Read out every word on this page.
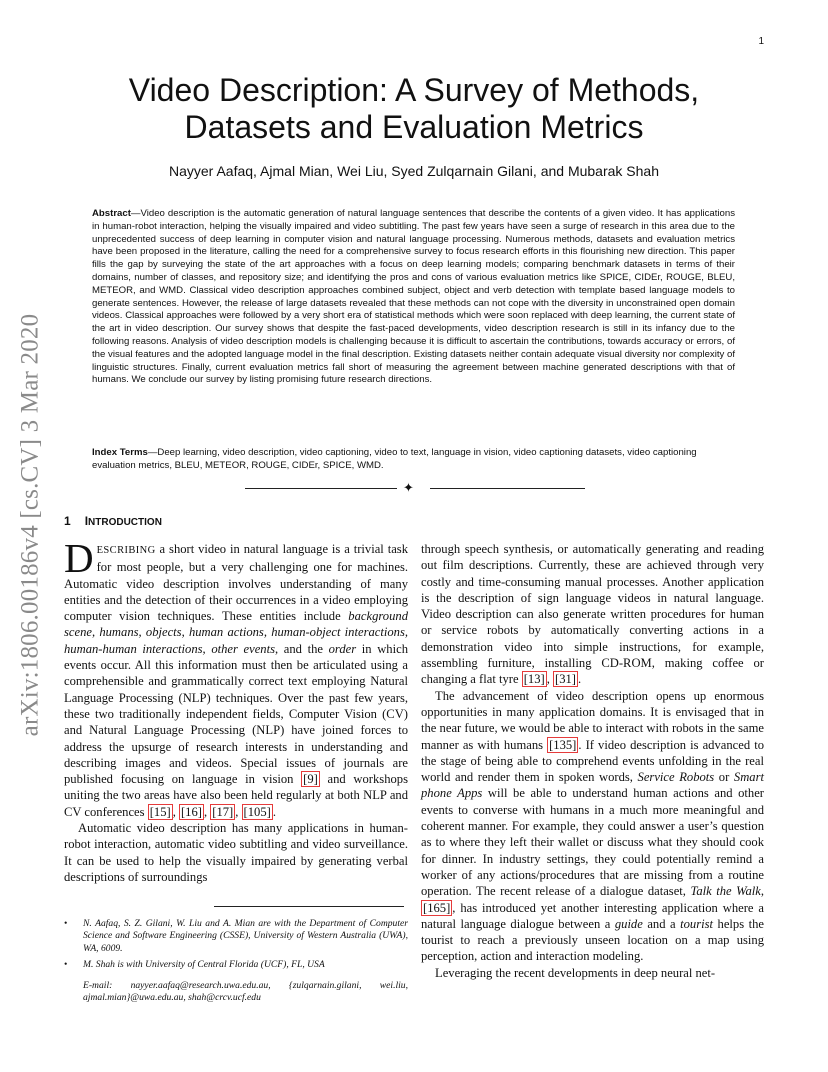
1
arXiv:1806.00186v4 [cs.CV] 3 Mar 2020
Video Description: A Survey of Methods,
Datasets and Evaluation Metrics
Nayyer Aafaq, Ajmal Mian, Wei Liu, Syed Zulqarnain Gilani, and Mubarak Shah
Abstract—Video description is the automatic generation of natural language sentences that describe the contents of a given video. It has applications in human-robot interaction, helping the visually impaired and video subtitling. The past few years have seen a surge of research in this area due to the unprecedented success of deep learning in computer vision and natural language processing. Numerous methods, datasets and evaluation metrics have been proposed in the literature, calling the need for a comprehensive survey to focus research efforts in this flourishing new direction. This paper fills the gap by surveying the state of the art approaches with a focus on deep learning models; comparing benchmark datasets in terms of their domains, number of classes, and repository size; and identifying the pros and cons of various evaluation metrics like SPICE, CIDEr, ROUGE, BLEU, METEOR, and WMD. Classical video description approaches combined subject, object and verb detection with template based language models to generate sentences. However, the release of large datasets revealed that these methods can not cope with the diversity in unconstrained open domain videos. Classical approaches were followed by a very short era of statistical methods which were soon replaced with deep learning, the current state of the art in video description. Our survey shows that despite the fast-paced developments, video description research is still in its infancy due to the following reasons. Analysis of video description models is challenging because it is difficult to ascertain the contributions, towards accuracy or errors, of the visual features and the adopted language model in the final description. Existing datasets neither contain adequate visual diversity nor complexity of linguistic structures. Finally, current evaluation metrics fall short of measuring the agreement between machine generated descriptions with that of humans. We conclude our survey by listing promising future research directions.
Index Terms—Deep learning, video description, video captioning, video to text, language in vision, video captioning datasets, video captioning evaluation metrics, BLEU, METEOR, ROUGE, CIDEr, SPICE, WMD.
✦
1 INTRODUCTION

DESCRIBING a short video in natural language is a trivial task for most people, but a very challenging one for machines. Automatic video description involves understanding of many entities and the detection of their occurrences in a video employing computer vision techniques. These entities include background scene, humans, objects, human actions, human-object interactions, human-human interactions, other events, and the order in which events occur. All this information must then be articulated using a comprehensible and grammatically correct text employing Natural Language Processing (NLP) techniques. Over the past few years, these two traditionally independent fields, Computer Vision (CV) and Natural Language Processing (NLP) have joined forces to address the upsurge of research interests in understanding and describing images and videos. Special issues of journals are published focusing on language in vision [9] and workshops uniting the two areas have also been held regularly at both NLP and CV conferences [15] , [16] , [17] , [105] .

Automatic video description has many applications in human-robot interaction, automatic video subtitling and video surveillance. It can be used to help the visually impaired by generating verbal descriptions of surroundings

• N. Aafaq, S. Z. Gilani, W. Liu and A. Mian are with the Department of Computer Science and Software Engineering (CSSE), University of Western Australia (UWA), WA, 6009.
• M. Shah is with University of Central Florida (UCF), FL, USA
E-mail: nayyer.aafaq@research.uwa.edu.au, {zulqarnain.gilani, wei.liu, ajmal.mian}@uwa.edu.au, shah@crcv.ucf.edu

through speech synthesis, or automatically generating and reading out film descriptions. Currently, these are achieved through very costly and time-consuming manual processes. Another application is the description of sign language videos in natural language. Video description can also generate written procedures for human or service robots by automatically converting actions in a demonstration video into simple instructions, for example, assembling furniture, installing CD-ROM, making coffee or changing a flat tyre [13] , [31] .

The advancement of video description opens up enormous opportunities in many application domains. It is envisaged that in the near future, we would be able to interact with robots in the same manner as with humans [135] . If video description is advanced to the stage of being able to comprehend events unfolding in the real world and render them in spoken words, Service Robots or Smart phone Apps will be able to understand human actions and other events to converse with humans in a much more meaningful and coherent manner. For example, they could answer a user’s question as to where they left their wallet or discuss what they should cook for dinner. In industry settings, they could potentially remind a worker of any actions/procedures that are missing from a routine operation. The recent release of a dialogue dataset, Talk the Walk, [165] , has introduced yet another interesting application where a natural language dialogue between a guide and a tourist helps the tourist to reach a previously unseen location on a map using perception, action and interaction modeling.

Leveraging the recent developments in deep neural net-
